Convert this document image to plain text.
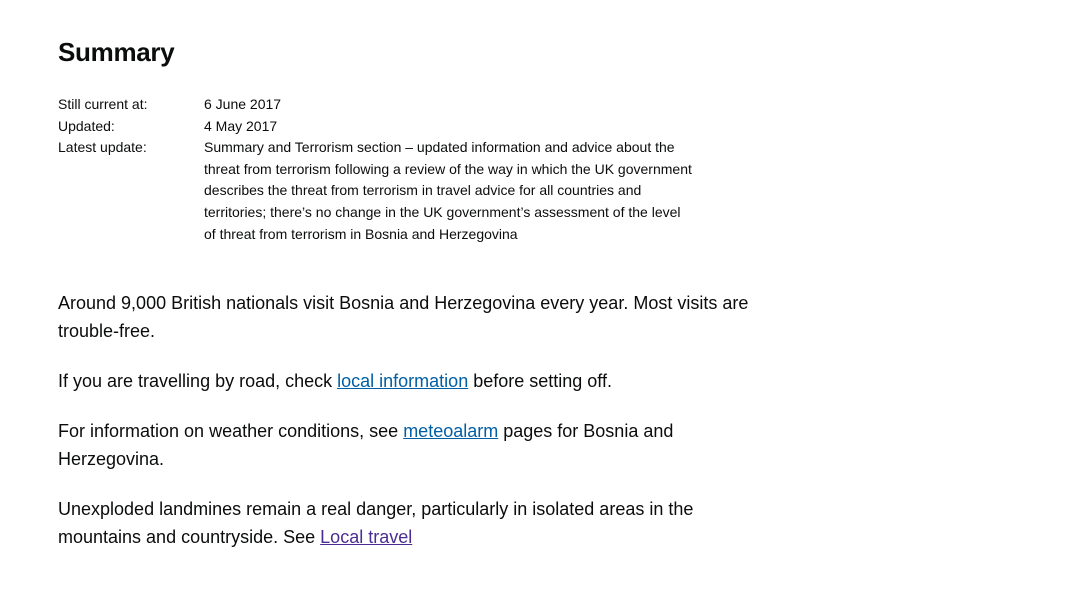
Summary
Still current at:	6 June 2017
Updated:	4 May 2017
Latest update:	Summary and Terrorism section – updated information and advice about the threat from terrorism following a review of the way in which the UK government describes the threat from terrorism in travel advice for all countries and territories; there’s no change in the UK government’s assessment of the level of threat from terrorism in Bosnia and Herzegovina

Around 9,000 British nationals visit Bosnia and Herzegovina every year. Most visits are trouble-free.

If you are travelling by road, check local information before setting off.

For information on weather conditions, see meteoalarm pages for Bosnia and Herzegovina.

Unexploded landmines remain a real danger, particularly in isolated areas in the mountains and countryside. See Local travel
